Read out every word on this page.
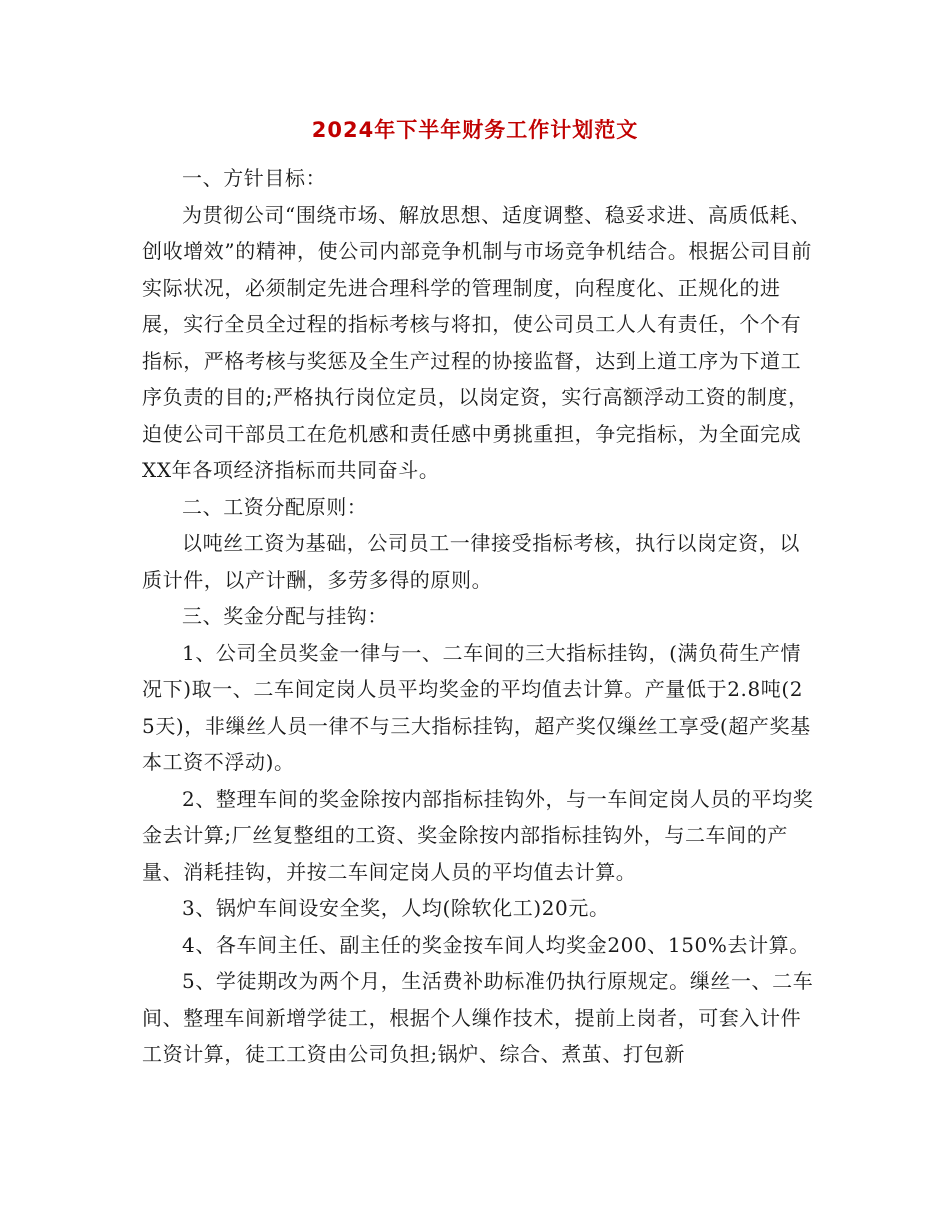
2024年下半年财务工作计划范文

一、方针目标：

为贯彻公司“围绕市场、解放思想、适度调整、稳妥求进、高质低耗、创收增效”的精神，使公司内部竞争机制与市场竞争机结合。根据公司目前实际状况，必须制定先进合理科学的管理制度，向程度化、正规化的进展，实行全员全过程的指标考核与将扣，使公司员工人人有责任，个个有指标，严格考核与奖惩及全生产过程的协接监督，达到上道工序为下道工序负责的目的;严格执行岗位定员，以岗定资，实行高额浮动工资的制度，迫使公司干部员工在危机感和责任感中勇挑重担，争完指标，为全面完成XX年各项经济指标而共同奋斗。

二、工资分配原则：

以吨丝工资为基础，公司员工一律接受指标考核，执行以岗定资，以质计件，以产计酬，多劳多得的原则。

三、奖金分配与挂钩：

1、公司全员奖金一律与一、二车间的三大指标挂钩，(满负荷生产情况下)取一、二车间定岗人员平均奖金的平均值去计算。产量低于2.8吨(25天)，非缫丝人员一律不与三大指标挂钩，超产奖仅缫丝工享受(超产奖基本工资不浮动)。

2、整理车间的奖金除按内部指标挂钩外，与一车间定岗人员的平均奖金去计算;厂丝复整组的工资、奖金除按内部指标挂钩外，与二车间的产量、消耗挂钩，并按二车间定岗人员的平均值去计算。

3、锅炉车间设安全奖，人均(除软化工)20元。

4、各车间主任、副主任的奖金按车间人均奖金200、150%去计算。

5、学徒期改为两个月，生活费补助标准仍执行原规定。缫丝一、二车间、整理车间新增学徒工，根据个人缫作技术，提前上岗者，可套入计件工资计算，徒工工资由公司负担;锅炉、综合、煮茧、打包新
